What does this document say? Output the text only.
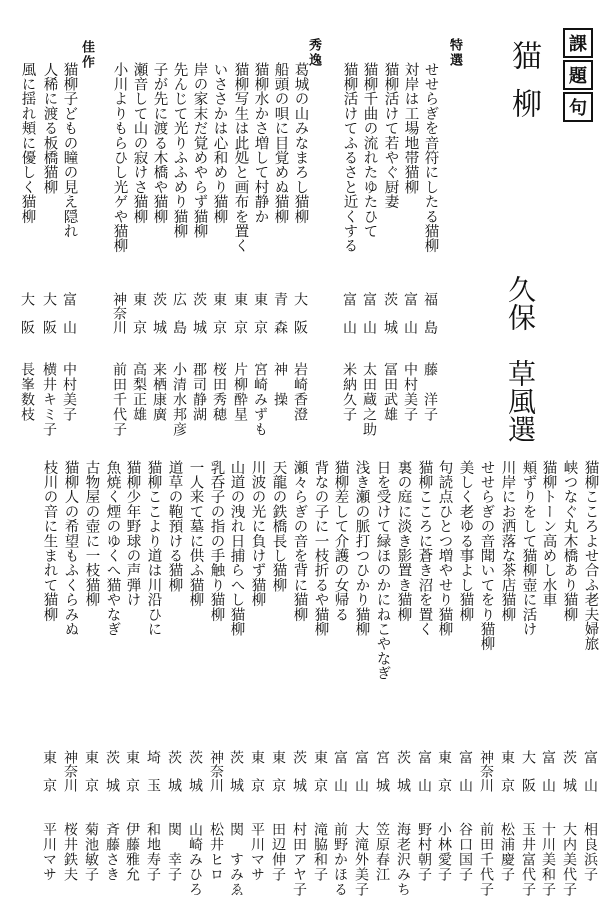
課
題
句
猫柳
久保　草風選
特選
秀逸
佳作
せせらぎを音符にしたる猫柳
福島
藤　洋子
対岸は工場地帯猫柳
富山
中村美子
猫柳活けて若やぐ厨妻
茨城
冨田武雄
猫柳千曲の流れたゆたひて
富山
太田蔵之助
猫柳活けてふるさと近くする
富山
米納久子
葛城の山みなまろし猫柳
大阪
岩崎香澄
船頭の唄に目覚めぬ猫柳
青森
神　操
猫柳水かさ増して村静か
東京
宮崎みずも
猫柳写生は此処と画布を置く
東京
片柳酔星
いささかは心和めり猫柳
東京
桜田秀穂
岸の家末だ覚めやらず猫柳
茨城
郡司静湖
先んじて光りふふめり猫柳
広島
小清水邦彦
子が先に渡る木橋や猫柳
茨城
来栖康廣
瀬音して山の寂けさ猫柳
東京
高梨正雄
小川よりもらひし光ゲや猫柳
神奈川
前田千代子
猫柳子どもの瞳の見え隠れ
富山
中村美子
人稀に渡る板橋猫柳
大阪
横井キミ子
風に揺れ頬に優しく猫柳
大阪
長峯数枝
猫柳こころよせ合ふ老夫婦旅
富山
相良浜子
峡つなぐ丸木橋あり猫柳
茨城
大内美代子
猫柳トーン高めし水車
富山
十川美和子
頬ずりをして猫柳壺に活け
大阪
玉井富代子
川岸にお洒落な茶店猫柳
東京
松浦慶子
せせらぎの音聞いてをり猫柳
神奈川
前田千代子
美しく老ゆる事よし猫柳
富山
谷口国子
句読点ひとつ増やせり猫柳
東京
小林愛子
猫柳こころに蒼き沼を置く
富山
野村朝子
裏の庭に淡き影置き猫柳
茨城
海老沢みち
日を受けて緑ほのかにねこやなぎ
宮城
笠原春江
浅き瀬の脈打つひかり猫柳
富山
大滝外美子
猫柳差して介護の女帰る
富山
前野かほる
背なの子に一枝折るや猫柳
東京
滝脇和子
瀬々らぎの音を背に猫柳
茨城
村田アヤ子
天龍の鉄橋長し猫柳
東京
田辺伸子
川波の光に負けず猫柳
東京
平川マサ
山道の洩れ日捕らへし猫柳
茨城
関　すみゑ
乳呑子の指の手触り猫柳
神奈川
松井ヒロ
一人来て墓に供ふ猫柳
茨城
山崎みひろ
道草の鞄預ける猫柳
茨城
関　幸子
猫柳ここより道は川沿ひに
埼玉
和地寿子
猫柳少年野球の声弾け
東京
伊藤雅允
魚焼く煙のゆくへ猫やなぎ
茨城
斉藤さき
古物屋の壺に一枝猫柳
東京
菊池敏子
猫柳人の希望もふくらみぬ
神奈川
桜井鉄夫
枝川の音に生まれて猫柳
東京
平川マサ
